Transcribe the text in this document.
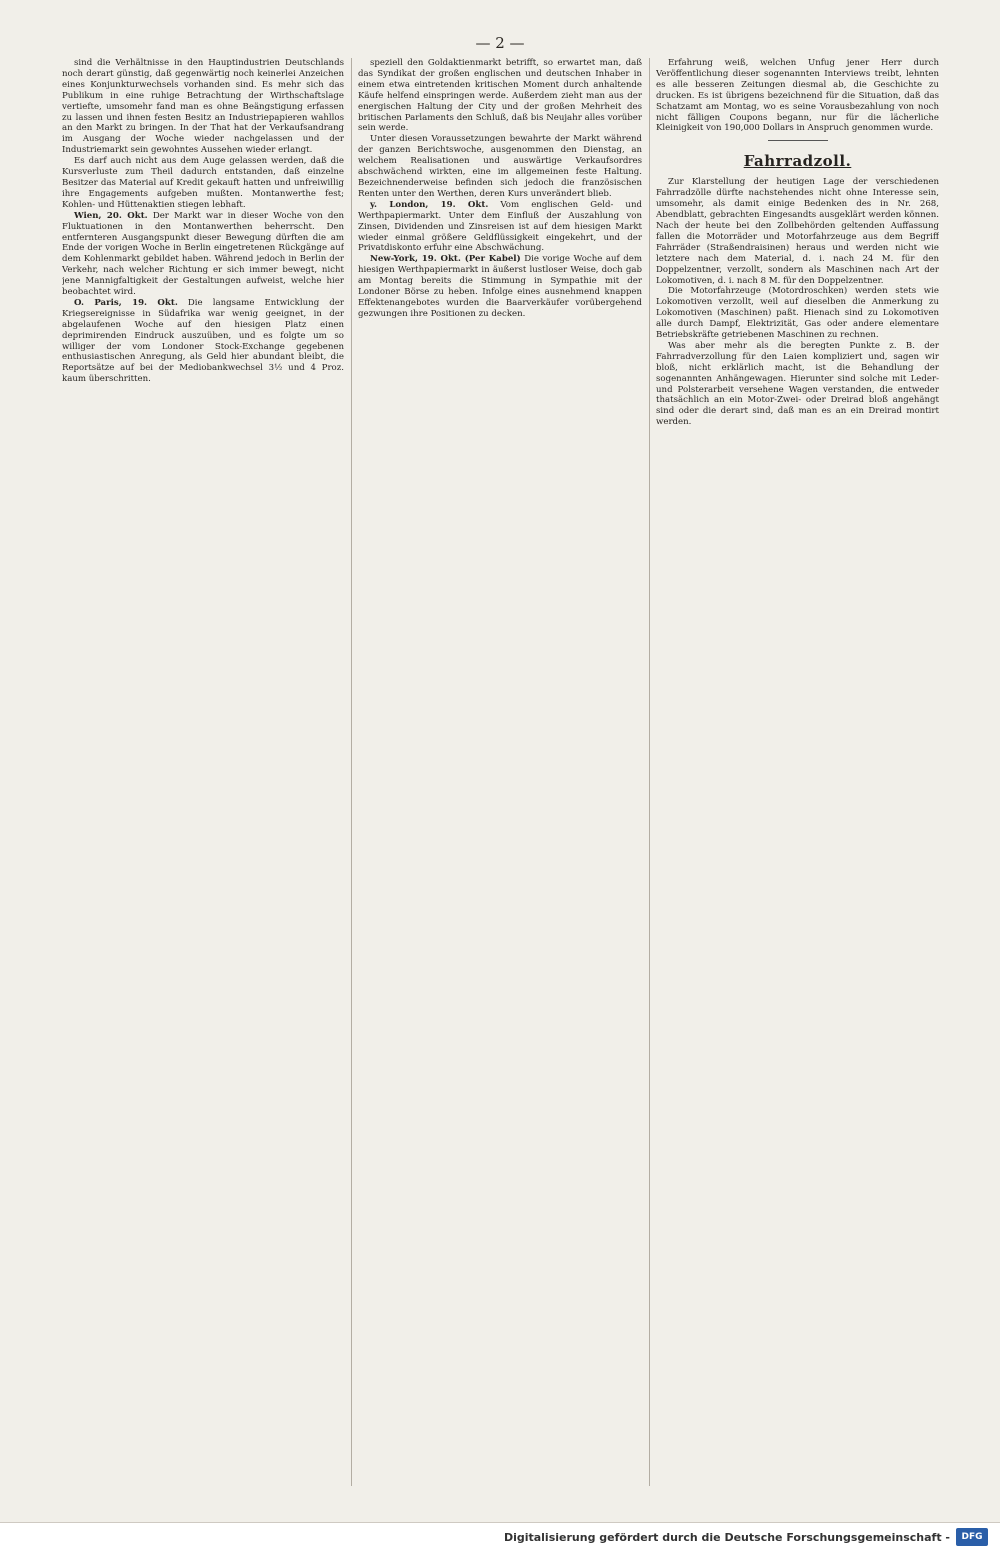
— 2 —

sind die Verhältnisse in den Hauptindustrien Deutschlands noch derart günstig, daß gegenwärtig noch keinerlei Anzeichen eines Konjunkturwechsels vorhanden sind. Es mehr sich das Publikum in eine ruhige Betrachtung der Wirthschaftslage vertiefte, umsomehr fand man es ohne Beängstigung erfassen zu lassen und ihnen festen Besitz an Industriepapieren wahllos an den Markt zu bringen. In der That hat der Verkaufsandrang im Ausgang der Woche wieder nachgelassen und der Industriemarkt sein gewohntes Aussehen wieder erlangt.

Es darf auch nicht aus dem Auge gelassen werden, daß die Kursverluste zum Theil dadurch entstanden, daß einzelne Besitzer das Material auf Kredit gekauft hatten und unfreiwillig ihre Engagements aufgeben mußten. Montanwerthe fest; Kohlen- und Hüttenaktien stiegen lebhaft.

Wien, 20. Okt. Der Markt war in dieser Woche von den Fluktuationen in den Montanwerthen beherrscht. Den entfernteren Ausgangspunkt dieser Bewegung dürften die am Ende der vorigen Woche in Berlin eingetretenen Rückgänge auf dem Kohlenmarkt gebildet haben. Während jedoch in Berlin der Verkehr, nach welcher Richtung er sich immer bewegt, nicht jene Mannigfaltigkeit der Gestaltungen aufweist, welche hier beobachtet wird.

O. Paris, 19. Okt. Die langsame Entwicklung der Kriegsereignisse in Südafrika war wenig geeignet, in der abgelaufenen Woche auf den hiesigen Platz einen deprimirenden Eindruck auszuüben, und es folgte um so williger der vom Londoner Stock-Exchange gegebenen enthusiastischen Anregung, als Geld hier abundant bleibt, die Reportsätze auf bei der Mediobankwechsel 3½ und 4 Proz. kaum überschritten.

speziell den Goldaktienmarkt betrifft, so erwartet man, daß das Syndikat der großen englischen und deutschen Inhaber in einem etwa eintretenden kritischen Moment durch anhaltende Käufe helfend einspringen werde. Außerdem zieht man aus der energischen Haltung der City und der großen Mehrheit des britischen Parlaments den Schluß, daß bis Neujahr alles vorüber sein werde.

Unter diesen Voraussetzungen bewahrte der Markt während der ganzen Berichtswoche, ausgenommen den Dienstag, an welchem Realisationen und auswärtige Verkaufsordres abschwächend wirkten, eine im allgemeinen feste Haltung. Bezeichnenderweise befinden sich jedoch die französischen Renten unter den Werthen, deren Kurs unverändert blieb.

y. London, 19. Okt. Vom englischen Geld- und Werthpapiermarkt. Unter dem Einfluß der Auszahlung von Zinsen, Dividenden und Zinsreisen ist auf dem hiesigen Markt wieder einmal größere Geldflüssigkeit eingekehrt, und der Privatdiskonto erfuhr eine Abschwächung.

New-York, 19. Okt. (Per Kabel) Die vorige Woche auf dem hiesigen Werthpapiermarkt in äußerst lustloser Weise, doch gab am Montag bereits die Stimmung in Sympathie mit der Londoner Börse zu heben. Infolge eines ausnehmend knappen Effektenangebotes wurden die Baarverkäufer vorübergehend gezwungen ihre Positionen zu decken.

Erfahrung weiß, welchen Unfug jener Herr durch Veröffentlichung dieser sogenannten Interviews treibt, lehnten es alle besseren Zeitungen diesmal ab, die Geschichte zu drucken. Es ist übrigens bezeichnend für die Situation, daß das Schatzamt am Montag, wo es seine Vorausbezahlung von noch nicht fälligen Coupons begann, nur für die lächerliche Kleinigkeit von 190,000 Dollars in Anspruch genommen wurde.

Fahrradzoll.

Zur Klarstellung der heutigen Lage der verschiedenen Fahrradzölle dürfte nachstehendes nicht ohne Interesse sein, umsomehr, als damit einige Bedenken des in Nr. 268, Abendblatt, gebrachten Eingesandts ausgeklärt werden können. Nach der heute bei den Zollbehörden geltenden Auffassung fallen die Motorräder und Motorfahrzeuge aus dem Begriff Fahrräder (Straßendraisinen) heraus und werden nicht wie letztere nach dem Material, d. i. nach 24 M. für den Doppelzentner, verzollt, sondern als Maschinen nach Art der Lokomotiven, d. i. nach 8 M. für den Doppelzentner.

Die Motorfahrzeuge (Motordroschken) werden stets wie Lokomotiven verzollt, weil auf dieselben die Anmerkung zu Lokomotiven (Maschinen) paßt. Hienach sind zu Lokomotiven alle durch Dampf, Elektrizität, Gas oder andere elementare Betriebskräfte getriebenen Maschinen zu rechnen.

Was aber mehr als die beregten Punkte z. B. der Fahrradverzollung für den Laien kompliziert und, sagen wir bloß, nicht erklärlich macht, ist die Behandlung der sogenannten Anhängewagen. Hierunter sind solche mit Leder- und Polsterarbeit versehene Wagen verstanden, die entweder thatsächlich an ein Motor-Zwei- oder Dreirad bloß angehängt sind oder die derart sind, daß man es an ein Dreirad montirt werden.

Digitalisierung gefördert durch die Deutsche Forschungsgemeinschaft -	DFG
